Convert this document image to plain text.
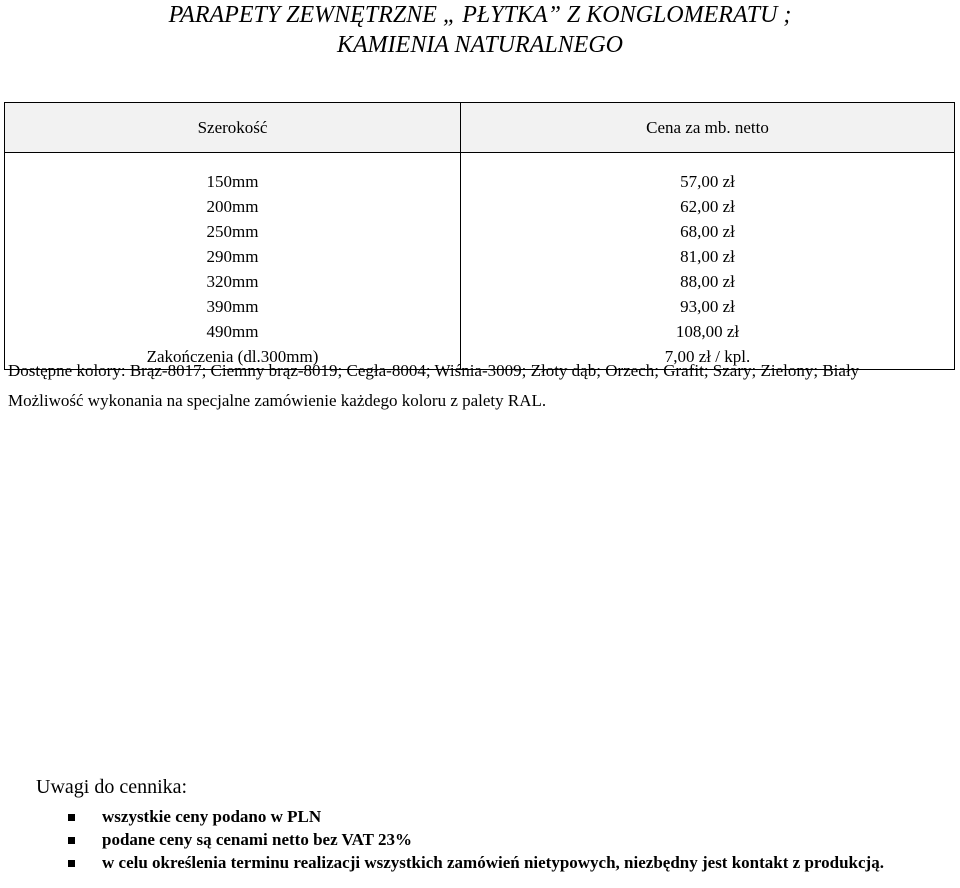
PARAPETY ZEWNĘTRZNE „ PŁYTKA” Z KONGLOMERATU ;
KAMIENIA NATURALNEGO
Szerokość	Cena za mb. netto

150mm	57,00 zł
200mm	62,00 zł
250mm	68,00 zł
290mm	81,00 zł
320mm	88,00 zł
390mm	93,00 zł
490mm	108,00 zł
Zakończenia (dl.300mm)	7,00 zł / kpl.
Dostępne kolory: Brąz-8017; Ciemny brąz-8019; Cegła-8004; Wiśnia-3009; Złoty dąb; Orzech; Grafit; Szary; Zielony; Biały
Możliwość wykonania na specjalne zamówienie każdego koloru z palety RAL.
Uwagi do cennika:
wszystkie ceny podano w PLN
podane ceny są cenami netto bez VAT 23%
w celu określenia terminu realizacji wszystkich zamówień nietypowych, niezbędny jest kontakt z produkcją.
